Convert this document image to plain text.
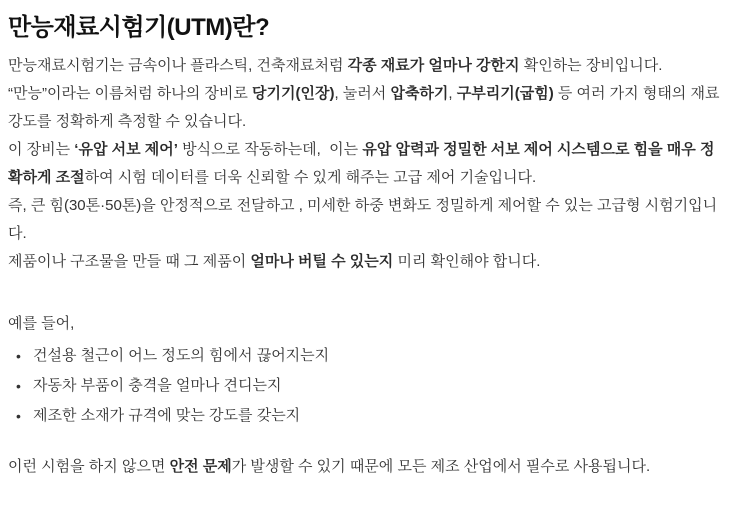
만능재료시험기(UTM)란?
만능재료시험기는 금속이나 플라스틱, 건축재료처럼 각종 재료가 얼마나 강한지 확인하는 장비입니다.
“만능”이라는 이름처럼 하나의 장비로 당기기(인장), 눌러서 압축하기, 구부리기(굽힘) 등 여러 가지 형태의 재료 강도를 정확하게 측정할 수 있습니다.
이 장비는 ‘유압 서보 제어’ 방식으로 작동하는데,  이는 유압 압력과 정밀한 서보 제어 시스템으로 힘을 매우 정확하게 조절하여 시험 데이터를 더욱 신뢰할 수 있게 해주는 고급 제어 기술입니다.
즉, 큰 힘(30톤·50톤)을 안정적으로 전달하고 , 미세한 하중 변화도 정밀하게 제어할 수 있는 고급형 시험기입니다.
제품이나 구조물을 만들 때 그 제품이 얼마나 버틸 수 있는지 미리 확인해야 합니다.
예를 들어,
• 건설용 철근이 어느 정도의 힘에서 끊어지는지
• 자동차 부품이 충격을 얼마나 견디는지
• 제조한 소재가 규격에 맞는 강도를 갖는지
이런 시험을 하지 않으면 안전 문제가 발생할 수 있기 때문에 모든 제조 산업에서 필수로 사용됩니다.
